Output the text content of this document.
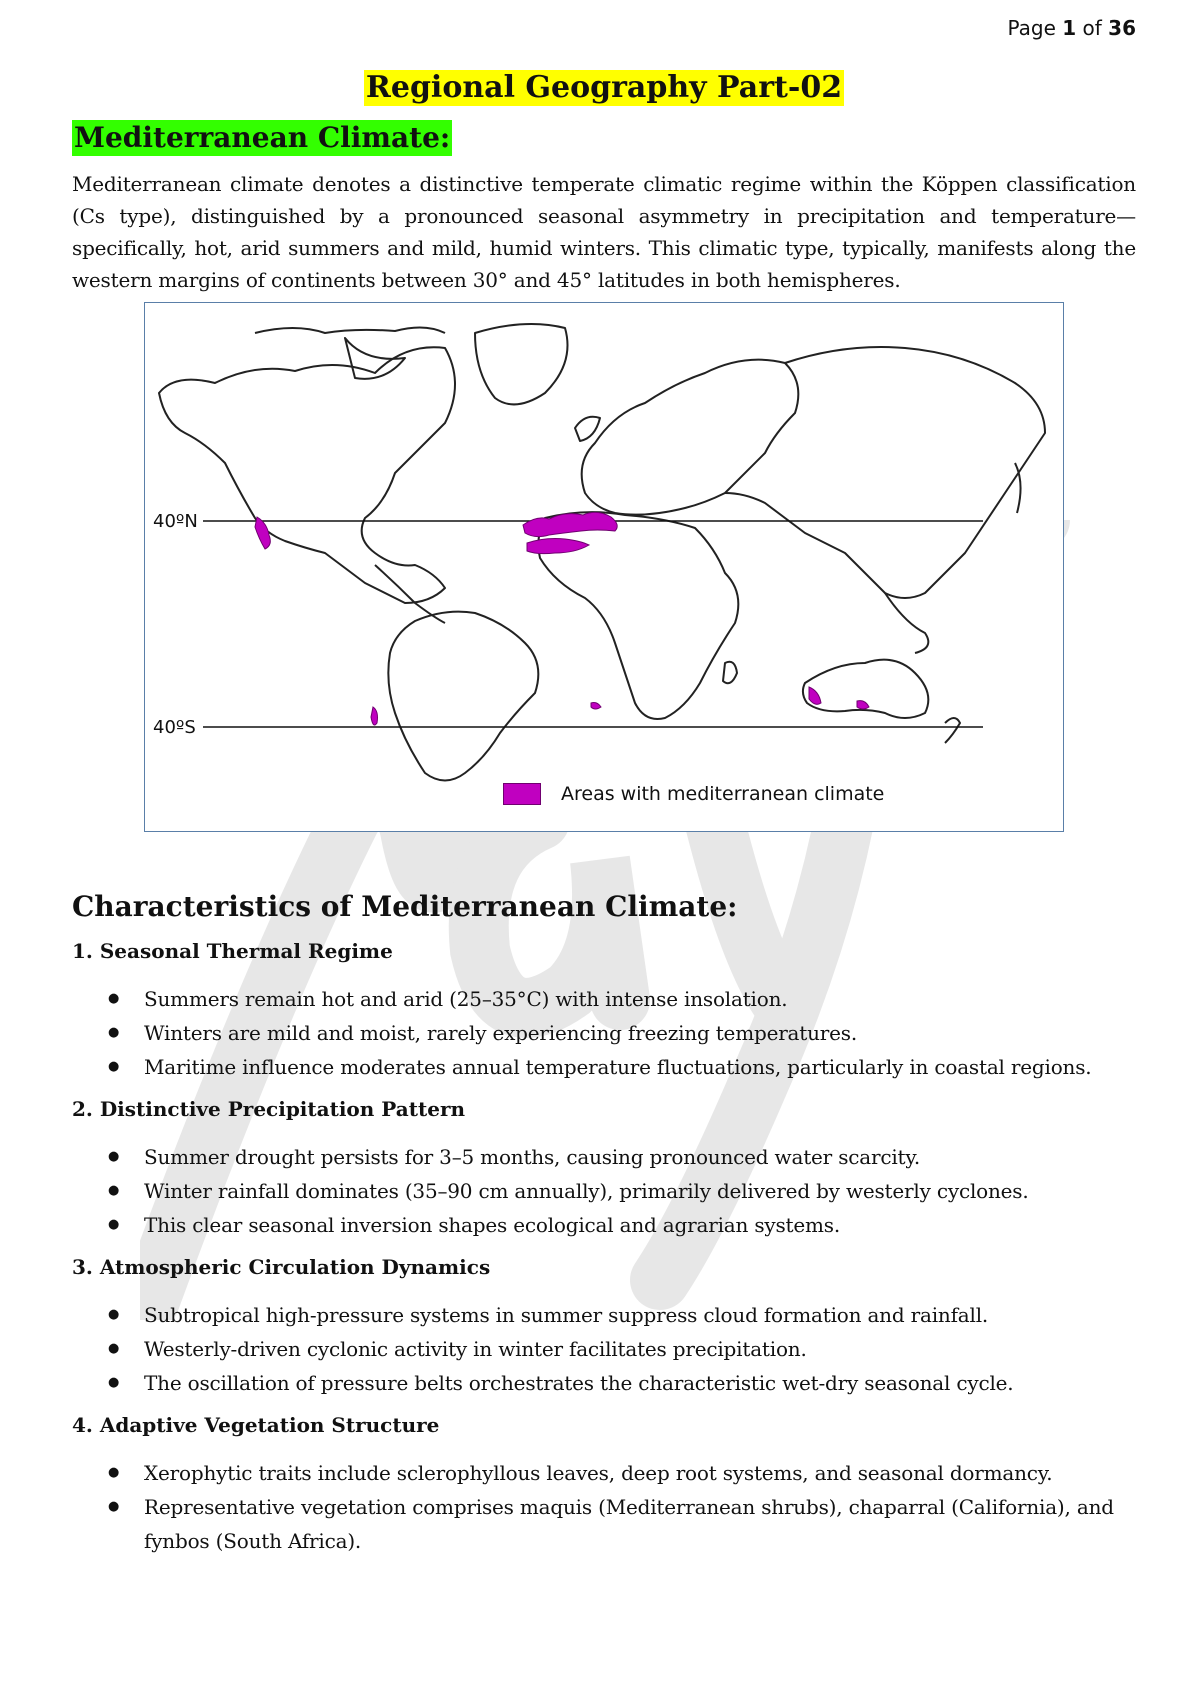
Page 1 of 36
Regional Geography Part-02
Mediterranean Climate:

Mediterranean climate denotes a distinctive temperate climatic regime within the Köppen classification (Cs type), distinguished by a pronounced seasonal asymmetry in precipitation and temperature—specifically, hot, arid summers and mild, humid winters. This climatic type, typically, manifests along the western margins of continents between 30° and 45° latitudes in both hemispheres.

40ºN
40ºS
Areas with mediterranean climate
Characteristics of Mediterranean Climate:
1. Seasonal Thermal Regime
● Summers remain hot and arid (25–35°C) with intense insolation.
● Winters are mild and moist, rarely experiencing freezing temperatures.
● Maritime influence moderates annual temperature fluctuations, particularly in coastal regions.
2. Distinctive Precipitation Pattern
● Summer drought persists for 3–5 months, causing pronounced water scarcity.
● Winter rainfall dominates (35–90 cm annually), primarily delivered by westerly cyclones.
● This clear seasonal inversion shapes ecological and agrarian systems.
3. Atmospheric Circulation Dynamics
● Subtropical high-pressure systems in summer suppress cloud formation and rainfall.
● Westerly-driven cyclonic activity in winter facilitates precipitation.
● The oscillation of pressure belts orchestrates the characteristic wet-dry seasonal cycle.
4. Adaptive Vegetation Structure
● Xerophytic traits include sclerophyllous leaves, deep root systems, and seasonal dormancy.
● Representative vegetation comprises maquis (Mediterranean shrubs), chaparral (California), and fynbos (South Africa).
